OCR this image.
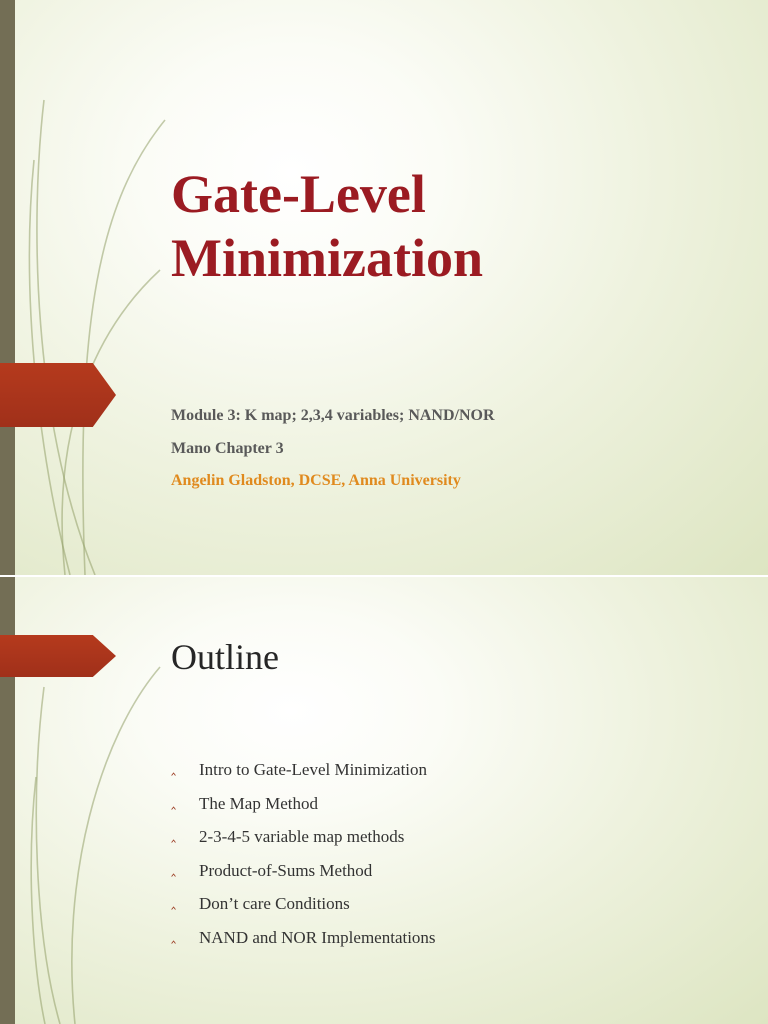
Gate-Level
Minimization

Module 3: K map; 2,3,4 variables; NAND/NOR

Mano Chapter 3

Angelin Gladston, DCSE, Anna University

Outline
‸ Intro to Gate-Level Minimization
‸ The Map Method
‸ 2-3-4-5 variable map methods
‸ Product-of-Sums Method
‸ Don’t care Conditions
‸ NAND and NOR Implementations
